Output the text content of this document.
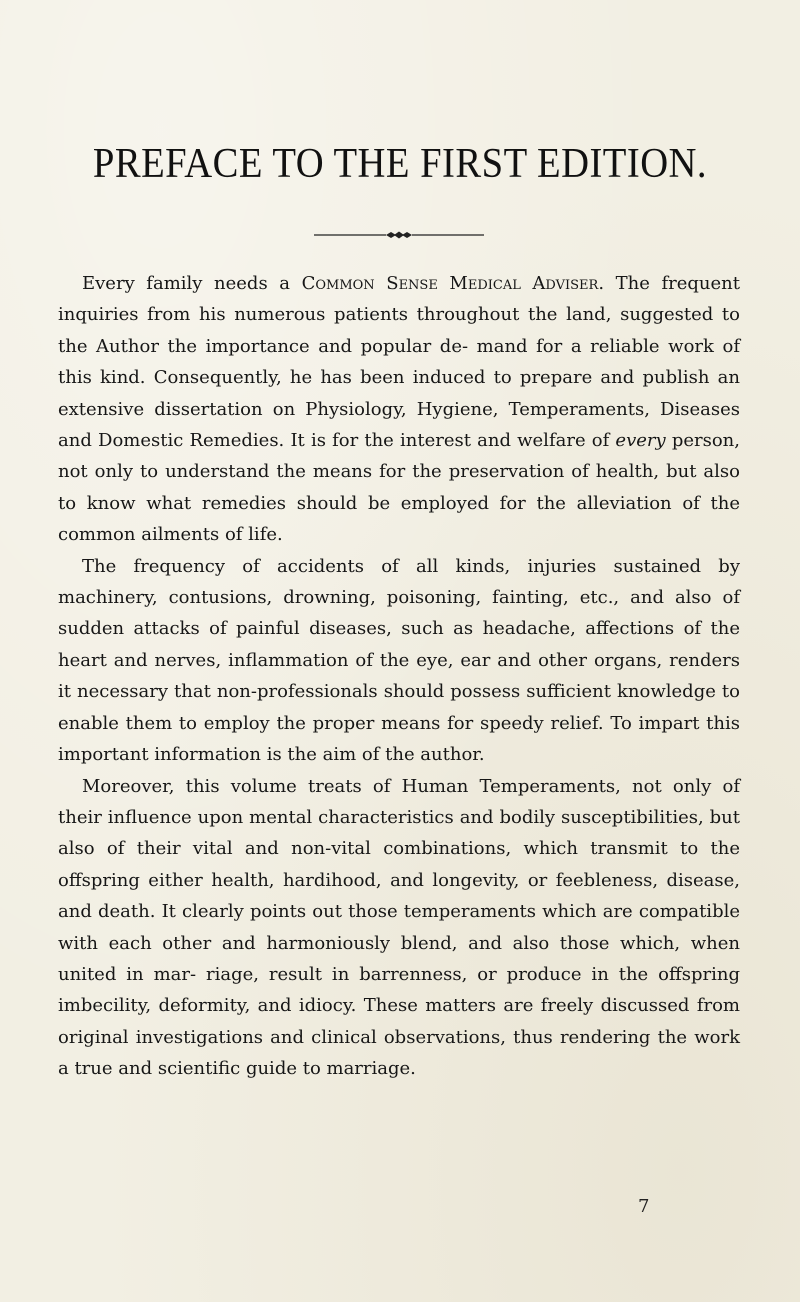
PREFACE TO THE FIRST EDITION.

Every family needs a Common Sense Medical Adviser. The frequent inquiries from his numerous patients throughout the land, suggested to the Author the importance and popular de- mand for a reliable work of this kind. Consequently, he has been induced to prepare and publish an extensive dissertation on Physiology, Hygiene, Temperaments, Diseases and Domestic Remedies. It is for the interest and welfare of every person, not only to understand the means for the preservation of health, but also to know what remedies should be employed for the alleviation of the common ailments of life.

The frequency of accidents of all kinds, injuries sustained by machinery, contusions, drowning, poisoning, fainting, etc., and also of sudden attacks of painful diseases, such as headache, affections of the heart and nerves, inflammation of the eye, ear and other organs, renders it necessary that non-professionals should possess sufficient knowledge to enable them to employ the proper means for speedy relief. To impart this important information is the aim of the author.

Moreover, this volume treats of Human Temperaments, not only of their influence upon mental characteristics and bodily susceptibilities, but also of their vital and non-vital combinations, which transmit to the offspring either health, hardihood, and longevity, or feebleness, disease, and death. It clearly points out those temperaments which are compatible with each other and harmoniously blend, and also those which, when united in mar- riage, result in barrenness, or produce in the offspring imbecility, deformity, and idiocy. These matters are freely discussed from original investigations and clinical observations, thus rendering the work a true and scientific guide to marriage.

7
